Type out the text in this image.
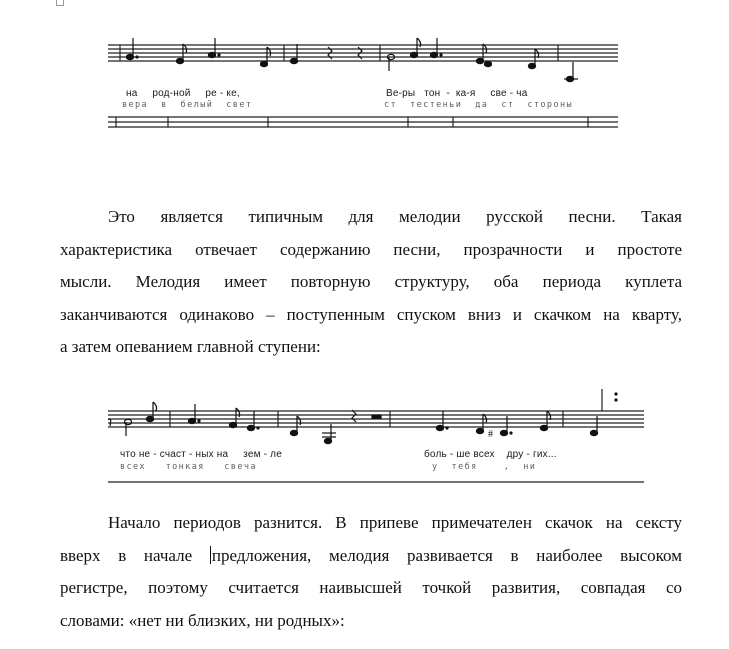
на     род-ной     ре - ке,	Ве-ры   тон  -  ка-я     све - ча
вера  в  белый  свет	ст  тестеньи  да  ст  стороны
Это является типичным для мелодии русской песни. Такая
характеристика отвечает содержанию песни, прозрачности и простоте
мысли. Мелодия имеет повторную структуру, оба периода куплета
заканчиваются одинаково – поступенным спуском вниз и скачком на кварту,
а затем опеванием главной ступени:
#
что не - счаст - ных на     зем - ле	боль - ше всех    дру - гих...
всех   тонкая   свеча	у  тебя    ,  ни
Начало периодов разнится. В припеве примечателен скачок на сексту
вверх в начале предложения, мелодия развивается в наиболее высоком
регистре, поэтому считается наивысшей точкой развития, совпадая со
словами: «нет ни близких, ни родных»:
